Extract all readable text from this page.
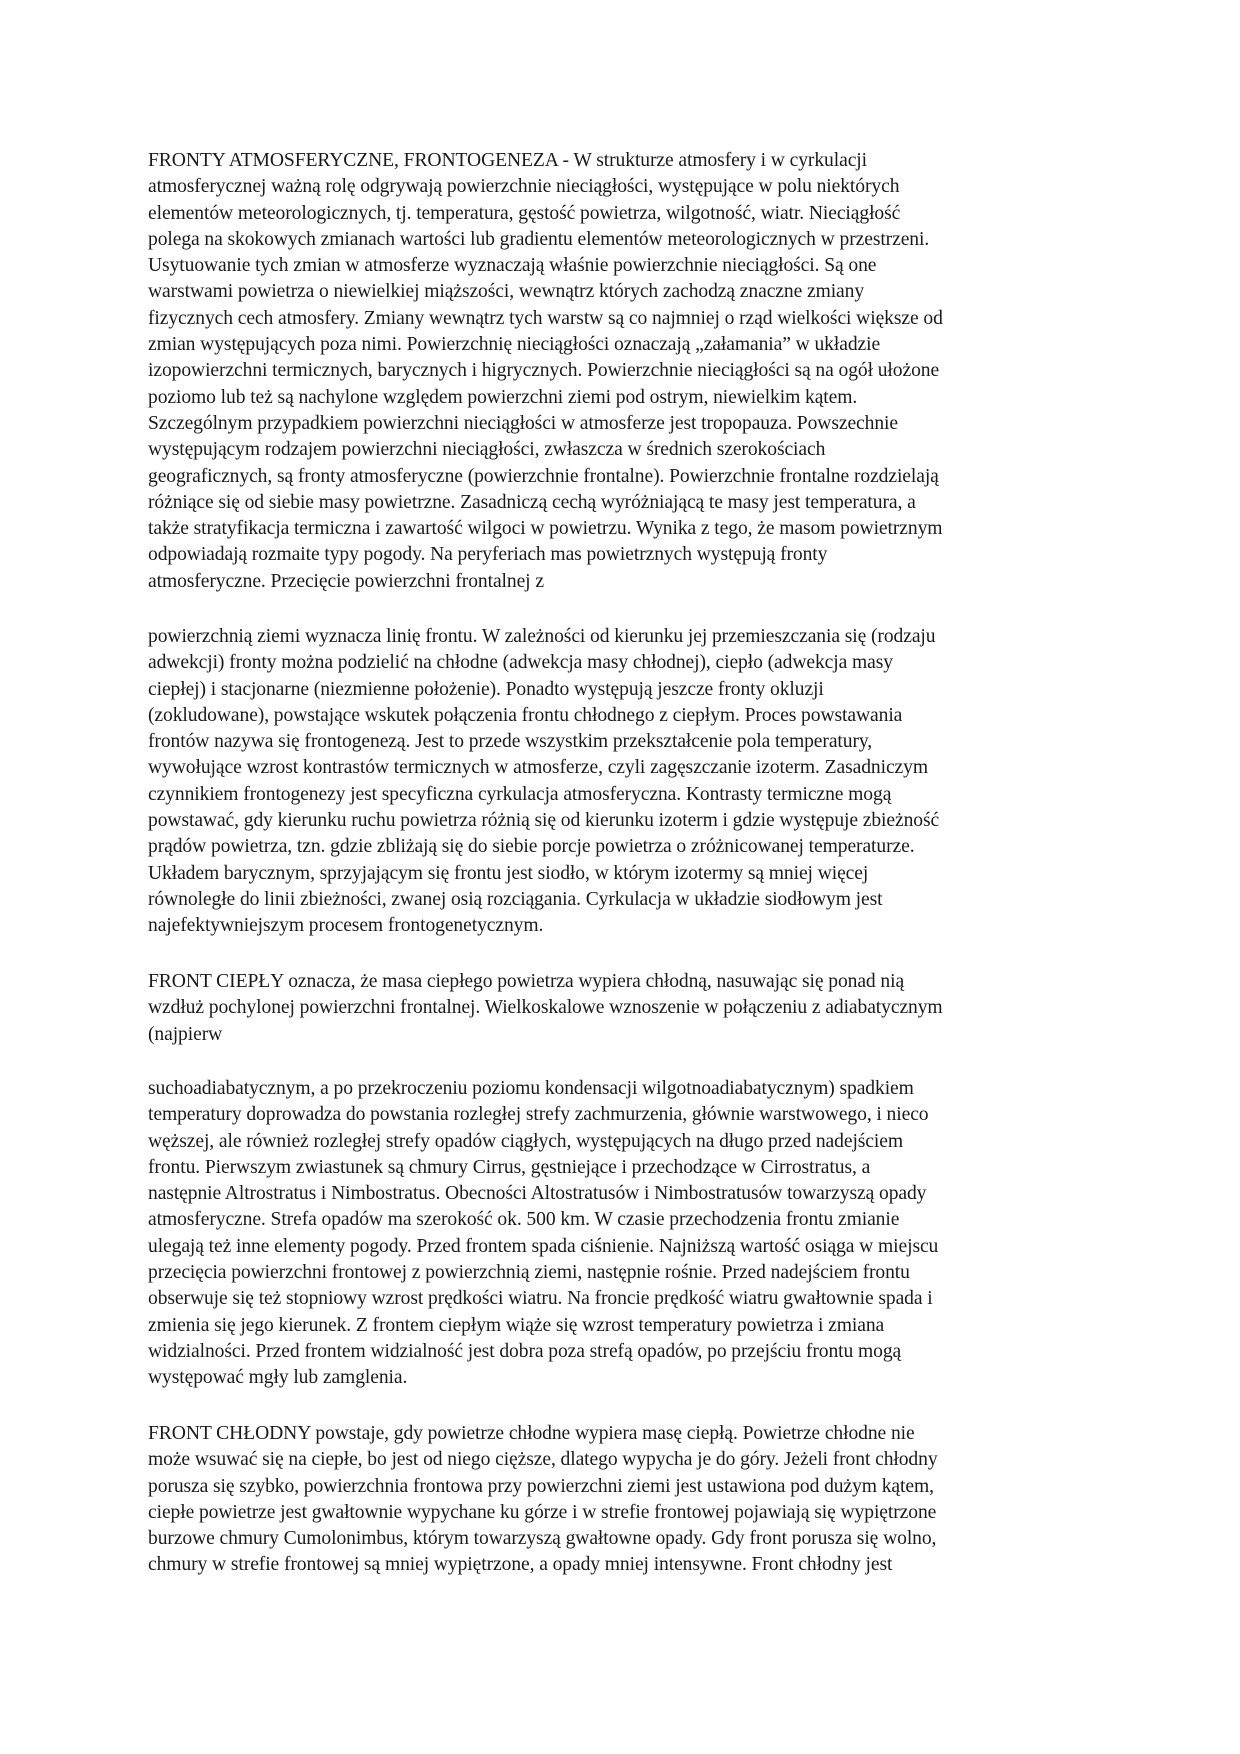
FRONTY ATMOSFERYCZNE, FRONTOGENEZA - W strukturze atmosfery i w cyrkulacji
atmosferycznej ważną rolę odgrywają powierzchnie nieciągłości, występujące w polu niektórych
elementów meteorologicznych, tj. temperatura, gęstość powietrza, wilgotność, wiatr. Nieciągłość
polega na skokowych zmianach wartości lub gradientu elementów meteorologicznych w przestrzeni.
Usytuowanie tych zmian w atmosferze wyznaczają właśnie powierzchnie nieciągłości. Są one
warstwami powietrza o niewielkiej miąższości, wewnątrz których zachodzą znaczne zmiany
fizycznych cech atmosfery. Zmiany wewnątrz tych warstw są co najmniej o rząd wielkości większe od
zmian występujących poza nimi. Powierzchnię nieciągłości oznaczają „załamania” w układzie
izopowierzchni termicznych, barycznych i higrycznych. Powierzchnie nieciągłości są na ogół ułożone
poziomo lub też są nachylone względem powierzchni ziemi pod ostrym, niewielkim kątem.
Szczególnym przypadkiem powierzchni nieciągłości w atmosferze jest tropopauza. Powszechnie
występującym rodzajem powierzchni nieciągłości, zwłaszcza w średnich szerokościach
geograficznych, są fronty atmosferyczne (powierzchnie frontalne). Powierzchnie frontalne rozdzielają
różniące się od siebie masy powietrzne. Zasadniczą cechą wyróżniającą te masy jest temperatura, a
także stratyfikacja termiczna i zawartość wilgoci w powietrzu. Wynika z tego, że masom powietrznym
odpowiadają rozmaite typy pogody. Na peryferiach mas powietrznych występują fronty
atmosferyczne. Przecięcie powierzchni frontalnej z
powierzchnią ziemi wyznacza linię frontu. W zależności od kierunku jej przemieszczania się (rodzaju
adwekcji) fronty można podzielić na chłodne (adwekcja masy chłodnej), ciepło (adwekcja masy
ciepłej) i stacjonarne (niezmienne położenie). Ponadto występują jeszcze fronty okluzji
(zokludowane), powstające wskutek połączenia frontu chłodnego z ciepłym. Proces powstawania
frontów nazywa się frontogenezą. Jest to przede wszystkim przekształcenie pola temperatury,
wywołujące wzrost kontrastów termicznych w atmosferze, czyli zagęszczanie izoterm. Zasadniczym
czynnikiem frontogenezy jest specyficzna cyrkulacja atmosferyczna. Kontrasty termiczne mogą
powstawać, gdy kierunku ruchu powietrza różnią się od kierunku izoterm i gdzie występuje zbieżność
prądów powietrza, tzn. gdzie zbliżają się do siebie porcje powietrza o zróżnicowanej temperaturze.
Układem barycznym, sprzyjającym się frontu jest siodło, w którym izotermy są mniej więcej
równoległe do linii zbieżności, zwanej osią rozciągania. Cyrkulacja w układzie siodłowym jest
najefektywniejszym procesem frontogenetycznym.
FRONT CIEPŁY oznacza, że masa ciepłego powietrza wypiera chłodną, nasuwając się ponad nią
wzdłuż pochylonej powierzchni frontalnej. Wielkoskalowe wznoszenie w połączeniu z adiabatycznym
(najpierw
suchoadiabatycznym, a po przekroczeniu poziomu kondensacji wilgotnoadiabatycznym) spadkiem
temperatury doprowadza do powstania rozległej strefy zachmurzenia, głównie warstwowego, i nieco
węższej, ale również rozległej strefy opadów ciągłych, występujących na długo przed nadejściem
frontu. Pierwszym zwiastunek są chmury Cirrus, gęstniejące i przechodzące w Cirrostratus, a
następnie Altrostratus i Nimbostratus. Obecności Altostratusów i Nimbostratusów towarzyszą opady
atmosferyczne. Strefa opadów ma szerokość ok. 500 km. W czasie przechodzenia frontu zmianie
ulegają też inne elementy pogody. Przed frontem spada ciśnienie. Najniższą wartość osiąga w miejscu
przecięcia powierzchni frontowej z powierzchnią ziemi, następnie rośnie. Przed nadejściem frontu
obserwuje się też stopniowy wzrost prędkości wiatru. Na froncie prędkość wiatru gwałtownie spada i
zmienia się jego kierunek. Z frontem ciepłym wiąże się wzrost temperatury powietrza i zmiana
widzialności. Przed frontem widzialność jest dobra poza strefą opadów, po przejściu frontu mogą
występować mgły lub zamglenia.
FRONT CHŁODNY powstaje, gdy powietrze chłodne wypiera masę ciepłą. Powietrze chłodne nie
może wsuwać się na ciepłe, bo jest od niego cięższe, dlatego wypycha je do góry. Jeżeli front chłodny
porusza się szybko, powierzchnia frontowa przy powierzchni ziemi jest ustawiona pod dużym kątem,
ciepłe powietrze jest gwałtownie wypychane ku górze i w strefie frontowej pojawiają się wypiętrzone
burzowe chmury Cumolonimbus, którym towarzyszą gwałtowne opady. Gdy front porusza się wolno,
chmury w strefie frontowej są mniej wypiętrzone, a opady mniej intensywne. Front chłodny jest
